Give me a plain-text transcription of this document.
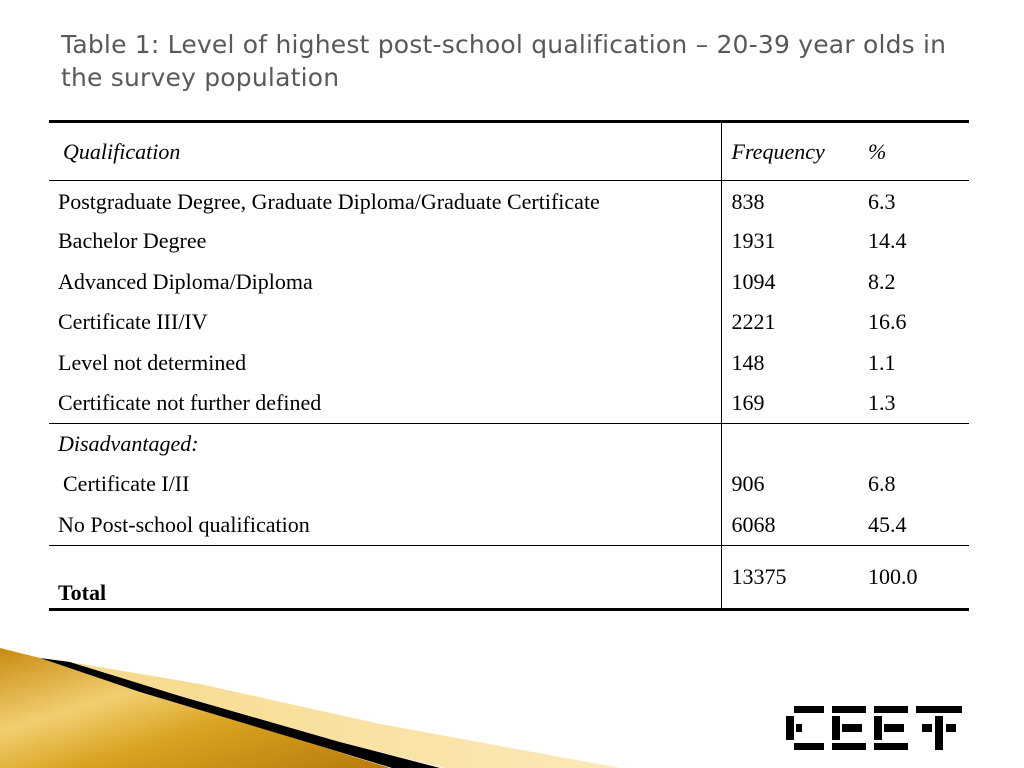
Table 1: Level of highest post-school qualification – 20-39 year olds in the survey population
Qualification	Frequency	%
Postgraduate Degree, Graduate Diploma/Graduate Certificate	838	6.3
Bachelor Degree	1931	14.4
Advanced Diploma/Diploma	1094	8.2
Certificate III/IV	2221	16.6
Level not determined	148	1.1
Certificate not further defined	169	1.3
Disadvantaged:		
Certificate I/II	906	6.8
No Post-school qualification	6068	45.4
Total	13375	100.0
